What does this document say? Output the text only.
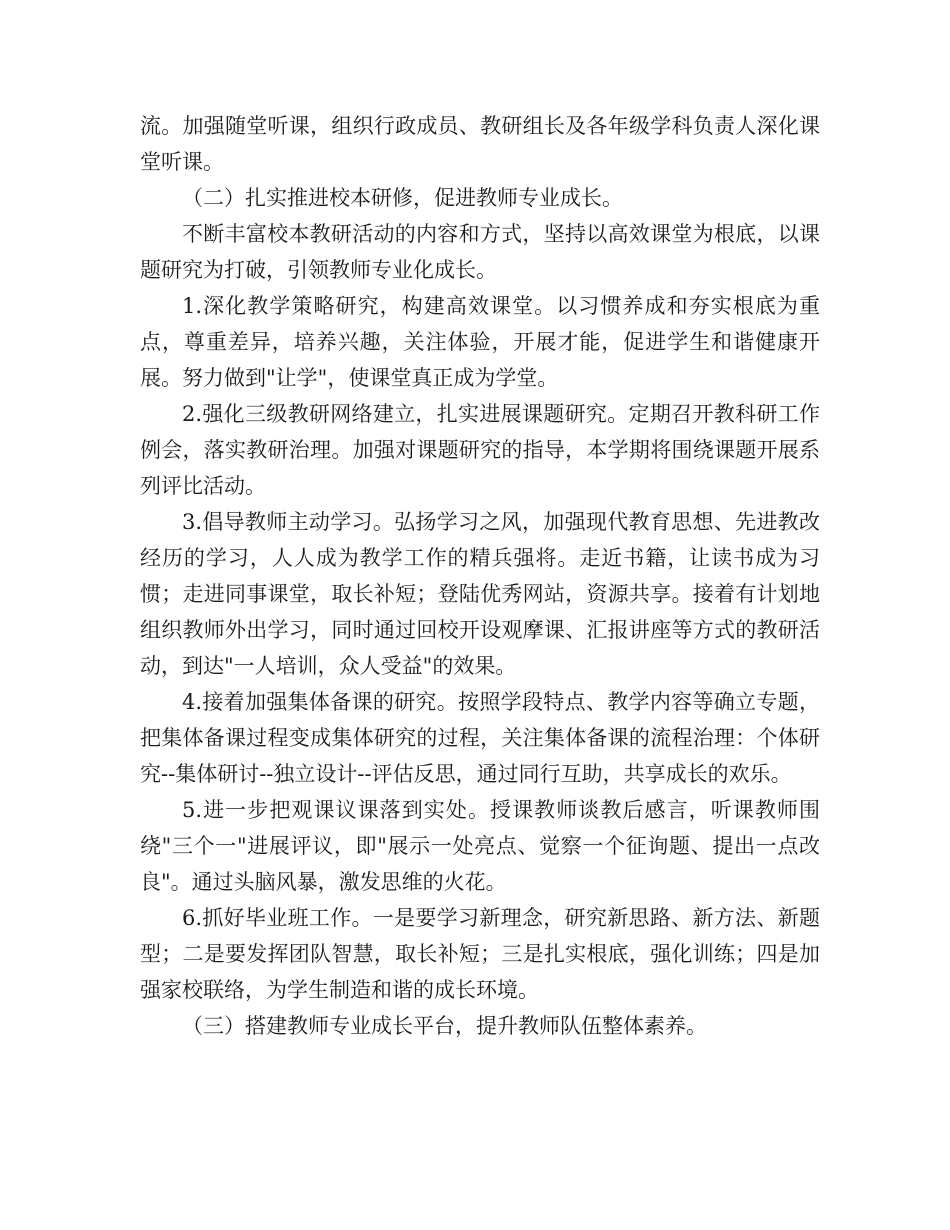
流。加强随堂听课，组织行政成员、教研组长及各年级学科负责人深化课堂听课。

（二）扎实推进校本研修，促进教师专业成长。

不断丰富校本教研活动的内容和方式，坚持以高效课堂为根底，以课题研究为打破，引领教师专业化成长。

1.深化教学策略研究，构建高效课堂。以习惯养成和夯实根底为重点，尊重差异，培养兴趣，关注体验，开展才能，促进学生和谐健康开展。努力做到"让学"，使课堂真正成为学堂。

2.强化三级教研网络建立，扎实进展课题研究。定期召开教科研工作例会，落实教研治理。加强对课题研究的指导，本学期将围绕课题开展系列评比活动。

3.倡导教师主动学习。弘扬学习之风，加强现代教育思想、先进教改经历的学习，人人成为教学工作的精兵强将。走近书籍，让读书成为习惯；走进同事课堂，取长补短；登陆优秀网站，资源共享。接着有计划地组织教师外出学习，同时通过回校开设观摩课、汇报讲座等方式的教研活动，到达"一人培训，众人受益"的效果。

4.接着加强集体备课的研究。按照学段特点、教学内容等确立专题，把集体备课过程变成集体研究的过程，关注集体备课的流程治理：个体研究--集体研讨--独立设计--评估反思，通过同行互助，共享成长的欢乐。

5.进一步把观课议课落到实处。授课教师谈教后感言，听课教师围绕"三个一"进展评议，即"展示一处亮点、觉察一个征询题、提出一点改良"。通过头脑风暴，激发思维的火花。

6.抓好毕业班工作。一是要学习新理念，研究新思路、新方法、新题型；二是要发挥团队智慧，取长补短；三是扎实根底，强化训练；四是加强家校联络，为学生制造和谐的成长环境。

（三）搭建教师专业成长平台，提升教师队伍整体素养。
